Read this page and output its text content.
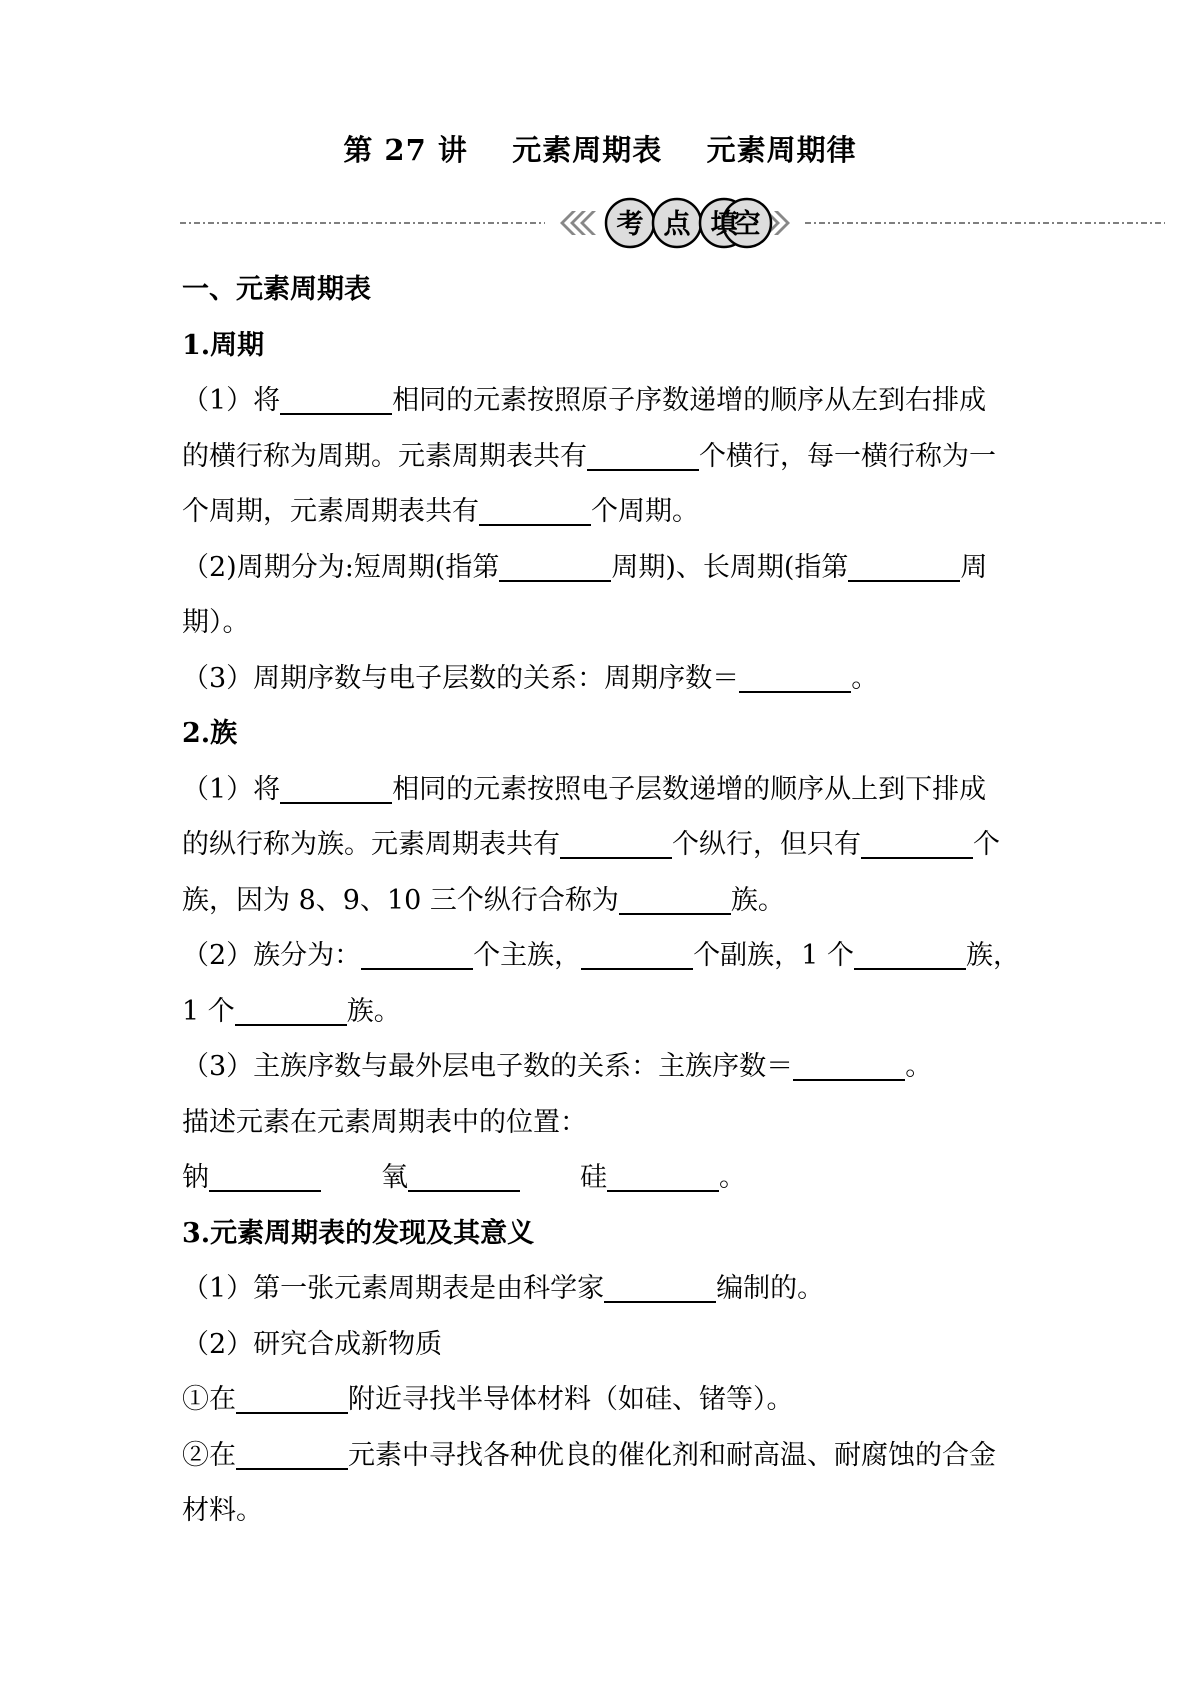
第 27 讲 元素周期表 元素周期律
考 点 填
空
一、元素周期表
1.周期
（1）将	相同的元素按照原子序数递增的顺序从左到右排成
的横行称为周期。元素周期表共有	个横行，每一横行称为一
个周期，元素周期表共有	个周期。
（2)周期分为:短周期(指第	周期)、长周期(指第	周
期）。
（3）周期序数与电子层数的关系：周期序数＝	。
2.族
（1）将	相同的元素按照电子层数递增的顺序从上到下排成
的纵行称为族。元素周期表共有	个纵行，但只有	个
族，因为 8、9、10 三个纵行合称为	族。
（2）族分为：	个主族，	个副族，1 个	族，
1 个	族。
（3）主族序数与最外层电子数的关系：主族序数＝	。
描述元素在元素周期表中的位置：
钠	氧	硅	。
3.元素周期表的发现及其意义
（1）第一张元素周期表是由科学家	编制的。
（2）研究合成新物质
①在	附近寻找半导体材料（如硅、锗等）。
②在	元素中寻找各种优良的催化剂和耐高温、耐腐蚀的合金
材料。
